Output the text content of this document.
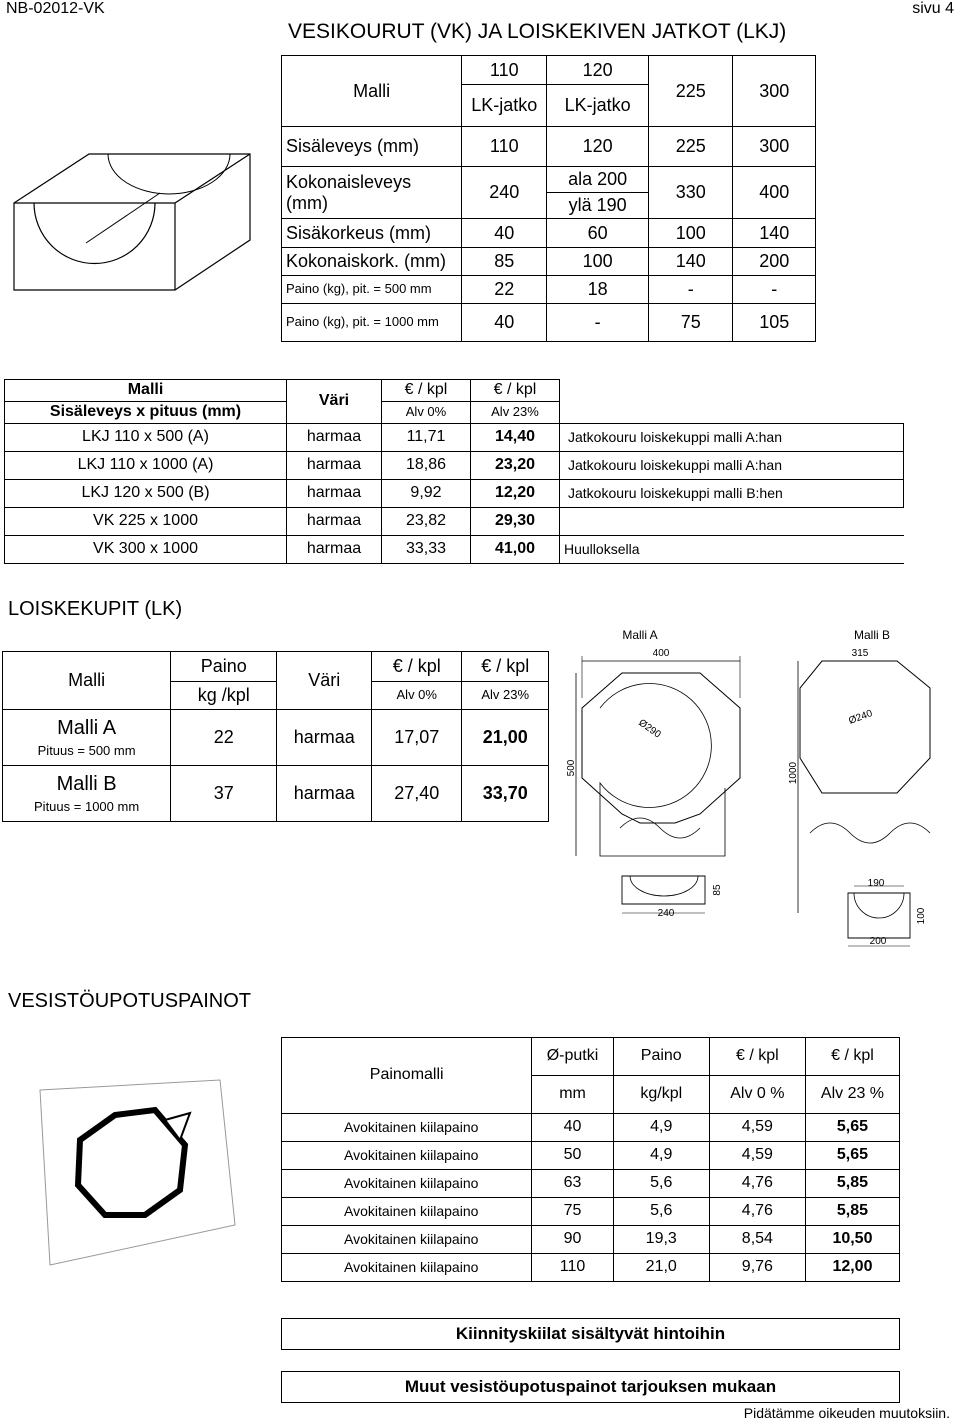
NB-02012-VK	sivu 4
VESIKOURUT (VK) JA LOISKEKIVEN JATKOT (LKJ)
Malli	110	120	225	300
	LK-jatko	LK-jatko		
Sisäleveys (mm)	110	120	225	300
Kokonaisleveys (mm)	240	ala 200	330	400
		ylä 190		
Sisäkorkeus (mm)	40	60	100	140
Kokonaiskork. (mm)	85	100	140	200
Paino (kg), pit. = 500 mm	22	18	-	-
Paino (kg), pit. = 1000 mm	40	-	75	105
Malli	Väri	€ / kpl	€ / kpl	
Sisäleveys x pituus (mm)		Alv 0%	Alv 23%	
LKJ 110 x 500 (A)	harmaa	11,71	14,40	Jatkokouru loiskekuppi malli A:han
LKJ 110 x 1000 (A)	harmaa	18,86	23,20	Jatkokouru loiskekuppi malli A:han
LKJ 120 x 500 (B)	harmaa	9,92	12,20	Jatkokouru loiskekuppi malli B:hen
VK 225 x 1000	harmaa	23,82	29,30	
VK 300 x 1000	harmaa	33,33	41,00	Huulloksella
LOISKEKUPIT (LK)
Malli	Paino	Väri	€ / kpl	€ / kpl
	kg /kpl		Alv 0%	Alv 23%

Malli A
Pituus = 500 mm	22	harmaa	17,07	21,00

Malli B
Pituus = 1000 mm	37	harmaa	27,40	33,70
Malli A	Malli B
400
500
Ø290
315
1000
Ø240
240
85
190
200
100
VESISTÖUPOTUSPAINOT
Painomalli	Ø-putki	Paino	€ / kpl	€ / kpl
	mm	kg/kpl	Alv 0 %	Alv 23 %
Avokitainen kiilapaino	40	4,9	4,59	5,65
Avokitainen kiilapaino	50	4,9	4,59	5,65
Avokitainen kiilapaino	63	5,6	4,76	5,85
Avokitainen kiilapaino	75	5,6	4,76	5,85
Avokitainen kiilapaino	90	19,3	8,54	10,50
Avokitainen kiilapaino	110	21,0	9,76	12,00
Kiinnityskiilat sisältyvät hintoihin
Muut vesistöupotuspainot tarjouksen mukaan
Pidätämme oikeuden muutoksiin.
